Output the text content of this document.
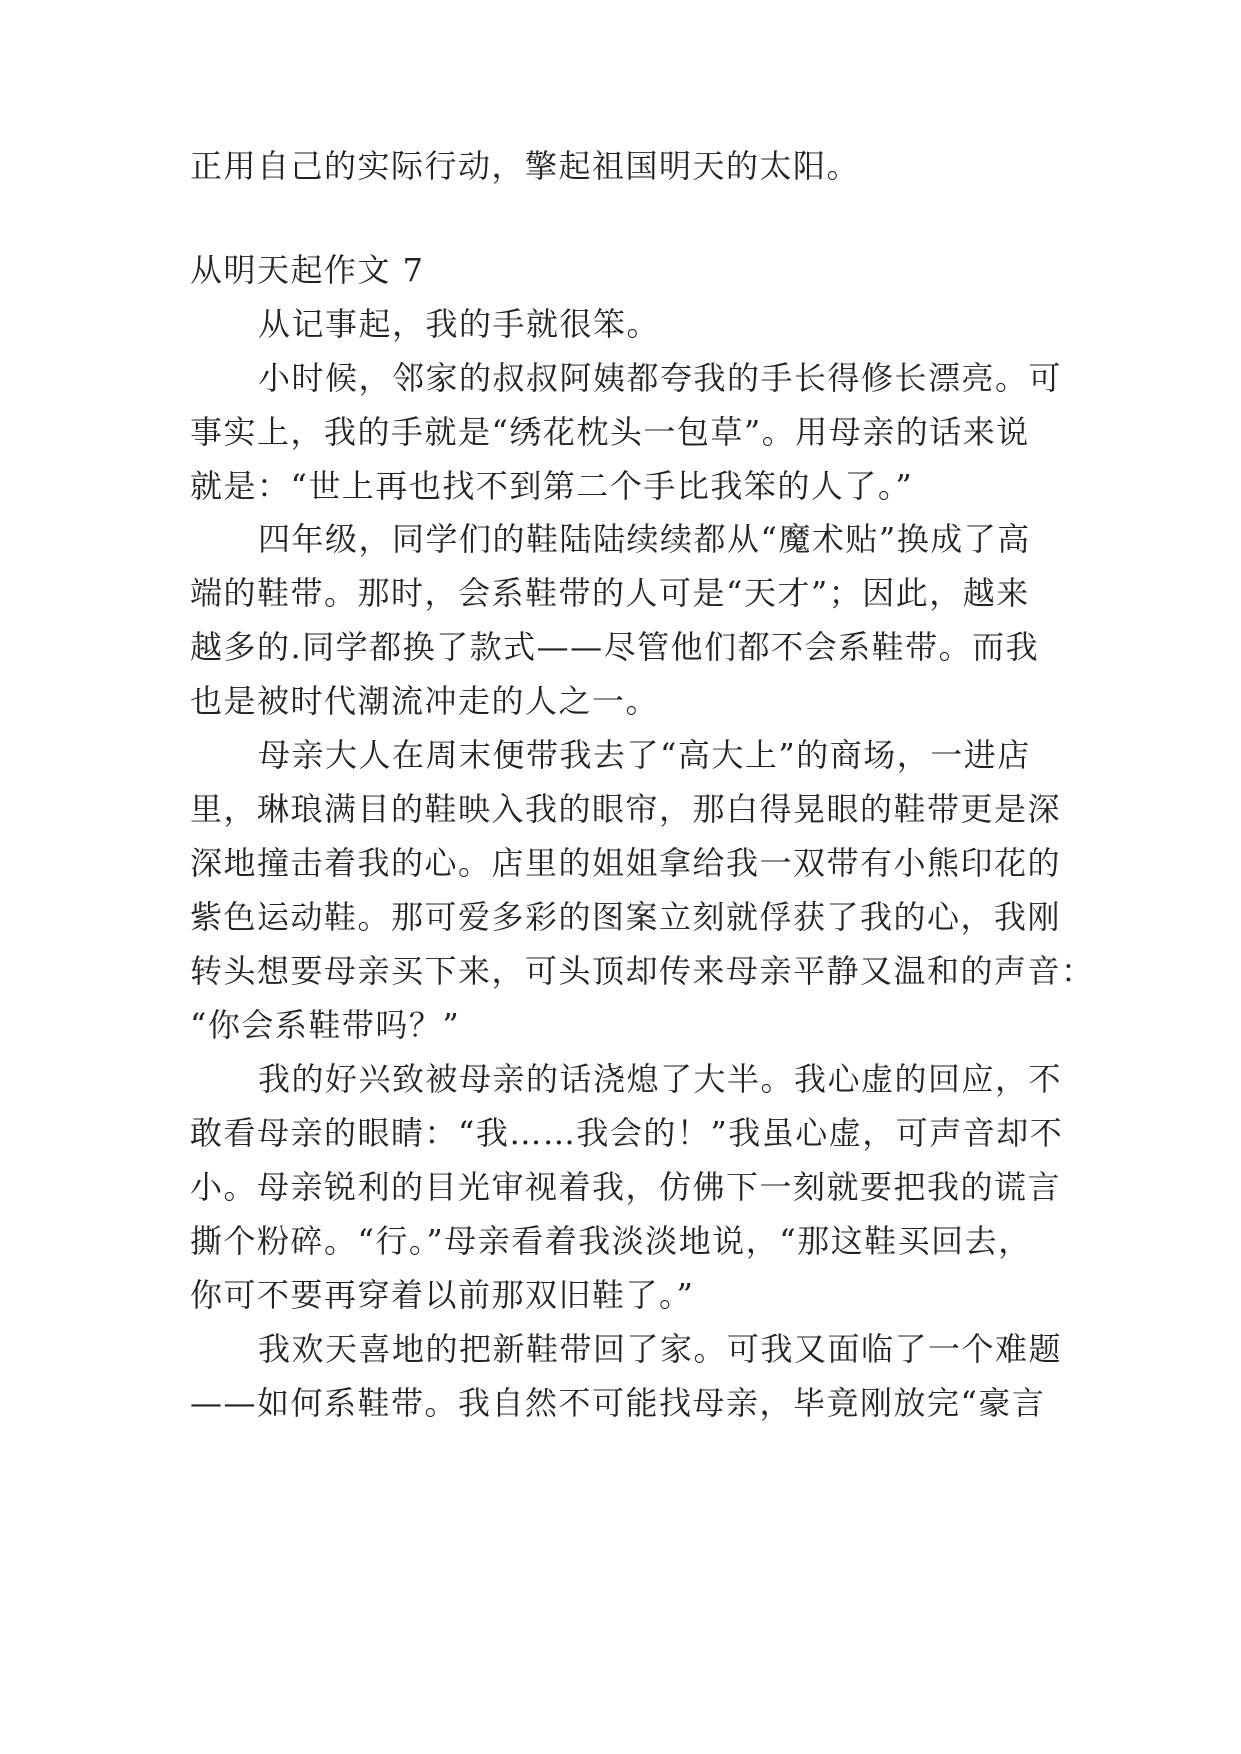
正用自己的实际行动，擎起祖国明天的太阳。
从明天起作文 7
从记事起，我的手就很笨。
小时候，邻家的叔叔阿姨都夸我的手长得修长漂亮。可
事实上，我的手就是“绣花枕头一包草”。用母亲的话来说
就是：“世上再也找不到第二个手比我笨的人了。”
四年级，同学们的鞋陆陆续续都从“魔术贴”换成了高
端的鞋带。那时，会系鞋带的人可是“天才”；因此，越来
越多的.同学都换了款式——尽管他们都不会系鞋带。而我
也是被时代潮流冲走的人之一。
母亲大人在周末便带我去了“高大上”的商场，一进店
里，琳琅满目的鞋映入我的眼帘，那白得晃眼的鞋带更是深
深地撞击着我的心。店里的姐姐拿给我一双带有小熊印花的
紫色运动鞋。那可爱多彩的图案立刻就俘获了我的心，我刚
转头想要母亲买下来，可头顶却传来母亲平静又温和的声音：
“你会系鞋带吗？”
我的好兴致被母亲的话浇熄了大半。我心虚的回应，不
敢看母亲的眼睛：“我……我会的！”我虽心虚，可声音却不
小。母亲锐利的目光审视着我，仿佛下一刻就要把我的谎言
撕个粉碎。“行。”母亲看着我淡淡地说，“那这鞋买回去，
你可不要再穿着以前那双旧鞋了。”
我欢天喜地的把新鞋带回了家。可我又面临了一个难题
——如何系鞋带。我自然不可能找母亲，毕竟刚放完“豪言
